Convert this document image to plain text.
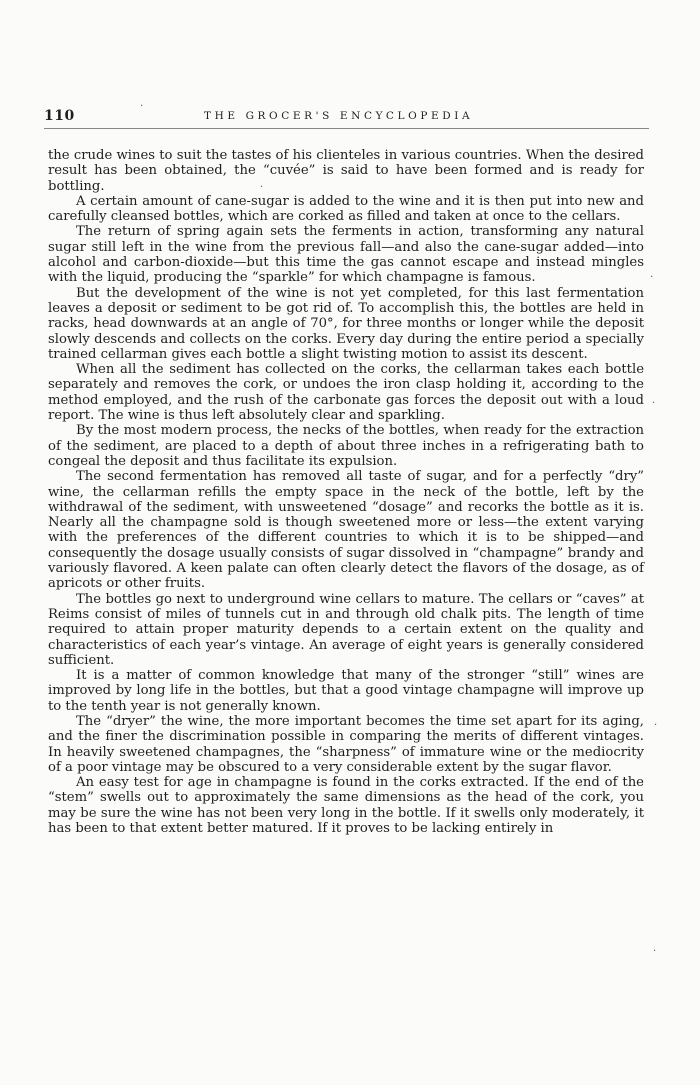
110	THE GROCER'S ENCYCLOPEDIA

the crude wines to suit the tastes of his clienteles in various countries. When the desired result has been obtained, the “cuvée” is said to have been formed and is ready for bottling.

A certain amount of cane-sugar is added to the wine and it is then put into new and carefully cleansed bottles, which are corked as filled and taken at once to the cellars.

The return of spring again sets the ferments in action, transforming any natural sugar still left in the wine from the previous fall—and also the cane-sugar added—into alcohol and carbon-dioxide—but this time the gas cannot escape and instead mingles with the liquid, producing the “sparkle” for which champagne is famous.

But the development of the wine is not yet completed, for this last fermentation leaves a deposit or sediment to be got rid of. To accomplish this, the bottles are held in racks, head downwards at an angle of 70°, for three months or longer while the deposit slowly descends and collects on the corks. Every day during the entire period a specially trained cellarman gives each bottle a slight twisting motion to assist its descent.

When all the sediment has collected on the corks, the cellarman takes each bottle separately and removes the cork, or undoes the iron clasp holding it, according to the method employed, and the rush of the carbonate gas forces the deposit out with a loud report. The wine is thus left absolutely clear and sparkling.

By the most modern process, the necks of the bottles, when ready for the extraction of the sediment, are placed to a depth of about three inches in a refrigerating bath to congeal the deposit and thus facilitate its expulsion.

The second fermentation has removed all taste of sugar, and for a perfectly “dry” wine, the cellarman refills the empty space in the neck of the bottle, left by the withdrawal of the sediment, with unsweetened “dosage” and recorks the bottle as it is. Nearly all the champagne sold is though sweetened more or less—the extent varying with the preferences of the different countries to which it is to be shipped—and consequently the dosage usually consists of sugar dissolved in “champagne” brandy and variously flavored. A keen palate can often clearly detect the flavors of the dosage, as of apricots or other fruits.

The bottles go next to underground wine cellars to mature. The cellars or “caves” at Reims consist of miles of tunnels cut in and through old chalk pits. The length of time required to attain proper maturity depends to a certain extent on the quality and characteristics of each year’s vintage. An average of eight years is generally considered sufficient.

It is a matter of common knowledge that many of the stronger “still” wines are improved by long life in the bottles, but that a good vintage champagne will improve up to the tenth year is not generally known.

The “dryer” the wine, the more important becomes the time set apart for its aging, and the finer the discrimination possible in comparing the merits of different vintages. In heavily sweetened champagnes, the “sharpness” of immature wine or the mediocrity of a poor vintage may be obscured to a very considerable extent by the sugar flavor.

An easy test for age in champagne is found in the corks extracted. If the end of the “stem” swells out to approximately the same dimensions as the head of the cork, you may be sure the wine has not been very long in the bottle. If it swells only moderately, it has been to that extent better matured. If it proves to be lacking entirely in

·
·
·
·
·
·
